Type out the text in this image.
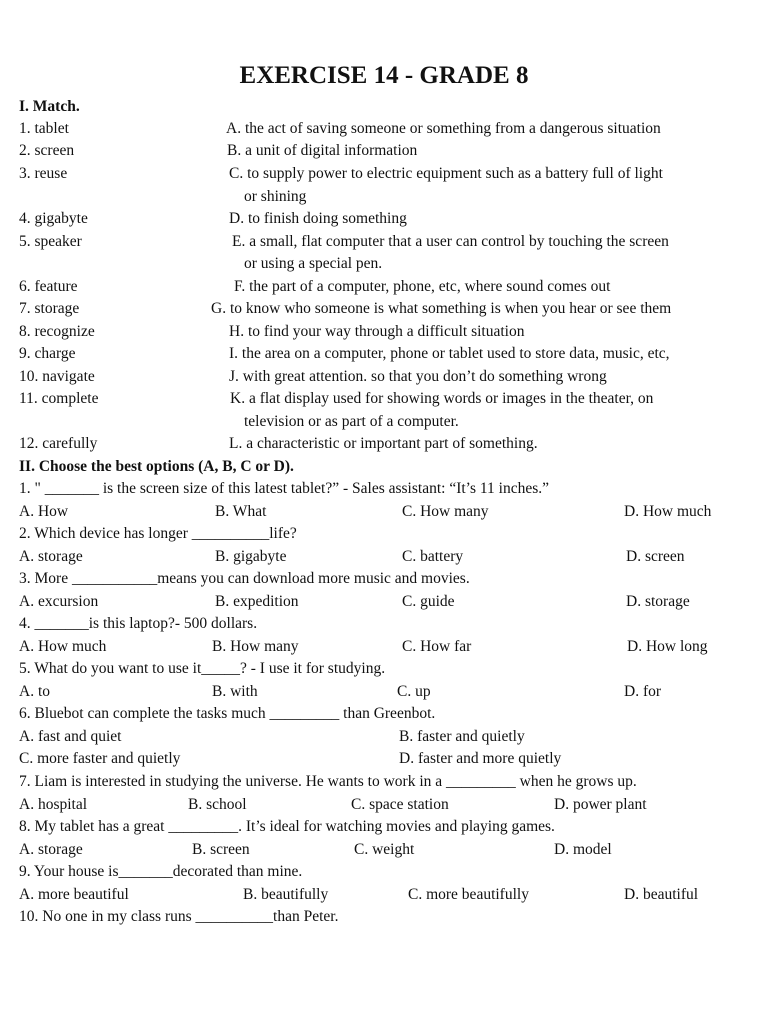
EXERCISE 14 - GRADE 8
I. Match.
1. tablet	A. the act of saving someone or something from a dangerous situation
2. screen	B. a unit of digital information
3. reuse	C. to supply power to electric equipment such as a battery full of light
or shining
4. gigabyte	D. to finish doing something
5. speaker	E. a small, flat computer that a user can control by touching the screen
or using a special pen.
6. feature	F. the part of a computer, phone, etc, where sound comes out
7. storage	G. to know who someone is what something is when you hear or see them
8. recognize	H. to find your way through a difficult situation
9. charge	I. the area on a computer, phone or tablet used to store data, music, etc,
10. navigate	J. with great attention. so that you don’t do something wrong
11. complete	K. a flat display used for showing words or images in the theater, on
television or as part of a computer.
12. carefully	L. a characteristic or important part of something.
II. Choose the best options (A, B, C or D).
1. " _______ is the screen size of this latest tablet?” - Sales assistant: “It’s 11 inches.”
A. How	B. What	C. How many	D. How much
2. Which device has longer __________life?
A. storage	B. gigabyte	C. battery	D. screen
3. More ___________means you can download more music and movies.
A. excursion	B. expedition	C. guide	D. storage
4. _______is this laptop?- 500 dollars.
A. How much	B. How many	C. How far	D. How long
5. What do you want to use it_____? - I use it for studying.
A. to	B. with	C. up	D. for
6. Bluebot can complete the tasks much _________ than Greenbot.
A. fast and quiet	B. faster and quietly
C. more faster and quietly	D. faster and more quietly
7. Liam is interested in studying the universe. He wants to work in a _________ when he grows up.
A. hospital	B. school	C. space station	D. power plant
8. My tablet has a great _________. It’s ideal for watching movies and playing games.
A. storage	B. screen	C. weight	D. model
9. Your house is_______decorated than mine.
A. more beautiful	B. beautifully	C. more beautifully	D. beautiful
10. No one in my class runs __________than Peter.
